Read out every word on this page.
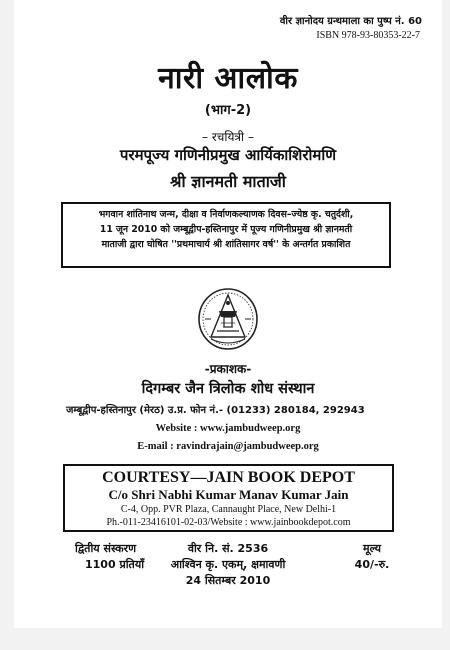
वीर ज्ञानोदय ग्रन्थमाला का पुष्प नं. 60
ISBN 978-93-80353-22-7
नारी आलोक
(भाग-2)
– रचयित्री –
परमपूज्य गणिनीप्रमुख आर्यिकाशिरोमणि
श्री ज्ञानमती माताजी
भगवान शांतिनाथ जन्म, दीक्षा व निर्वाणकल्याणक दिवस–ज्येष्ठ कृ. चतुर्दशी,
11 जून 2010 को जम्बूद्वीप-हस्तिनापुर में पूज्य गणिनीप्रमुख श्री ज्ञानमती
माताजी द्वारा घोषित ''प्रथमाचार्य श्री शांतिसागर वर्ष'' के अन्तर्गत प्रकाशित
-प्रकाशक-
दिगम्बर जैन त्रिलोक शोध संस्थान
जम्बूद्वीप-हस्तिनापुर (मेरठ) उ.प्र. फोन नं.- (01233) 280184, 292943
Website : www.jambudweep.org
E-mail : ravindrajain@jambudweep.org
COURTESY—JAIN BOOK DEPOT
C/o Shri Nabhi Kumar Manav Kumar Jain
C-4, Opp. PVR Plaza, Cannaught Place, New Delhi-1
Ph.-011-23416101-02-03/Website : www.jainbookdepot.com
द्वितीय संस्करण
1100 प्रतियाँ
वीर नि. सं. 2536
आश्विन कृ. एकम्, क्षमावणी
24 सितम्बर 2010
मूल्य
40/-रु.
